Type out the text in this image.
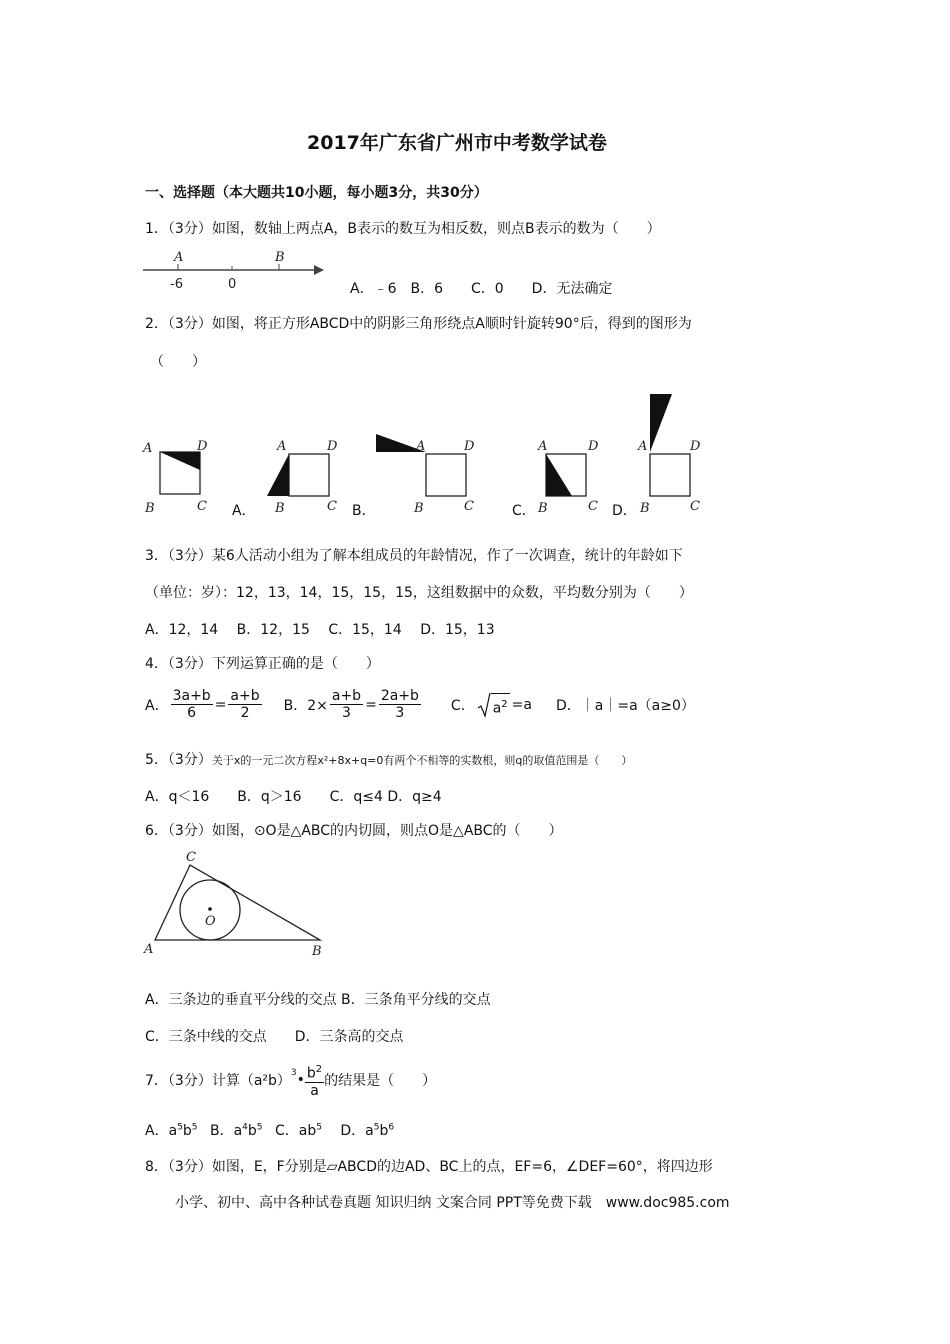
2017年广东省广州市中考数学试卷
一、选择题（本大题共10小题，每小题3分，共30分）
1．（3分）如图，数轴上两点A，B表示的数互为相反数，则点B表示的数为（　　）
A	B
-6	0	A．﹣6　B．6　　C．0　　D．无法确定
2．（3分）如图，将正方形ABCD中的阴影三角形绕点A顺时针旋转90°后，得到的图形为
（　　）
A	D
B	C A．
A	D
B	C B．
A	D
B	C	C．
A	D
B	C D．
A	D
B	C
3．（3分）某6人活动小组为了解本组成员的年龄情况，作了一次调查，统计的年龄如下
（单位：岁）：12，13，14，15，15，15，这组数据中的众数，平均数分别为（　　）
A．12，14　 B．12，15　 C．15，14　 D．15，13
4．（3分）下列运算正确的是（　　）
A． $\frac{3a+b}{6} = \frac{a+b}{2}$ B．$2\times \frac{a+b}{3} = \frac{2a+b}{3}$ C． $a^2 =a$ D．｜a｜=a（a≥0）
5．（3分）关于x的一元二次方程x²+8x+q=0有两个不相等的实数根，则q的取值范围是（　　）
A．q＜16　　B．q＞16　　C．q≤4 D．q≥4
6．（3分）如图，⊙O是△ABC的内切圆，则点O是△ABC的（　　）
O
A	B
C
A．三条边的垂直平分线的交点 B．三条角平分线的交点
C．三条中线的交点　　D．三条高的交点
7．（3分）计算（a²b）
$^3$ • $\frac{b^2}{a}$ 的结果是（　　）
A．$a^5b^5$ B．$a^4b^5$ C．$ab^5$ D．$a^5b^6$
8．（3分）如图，E，F分别是▱ABCD的边AD、BC上的点，EF=6，∠DEF=60°，将四边形
小学、初中、高中各种试卷真题 知识归纳 文案合同 PPT等免费下载　www.doc985.com
